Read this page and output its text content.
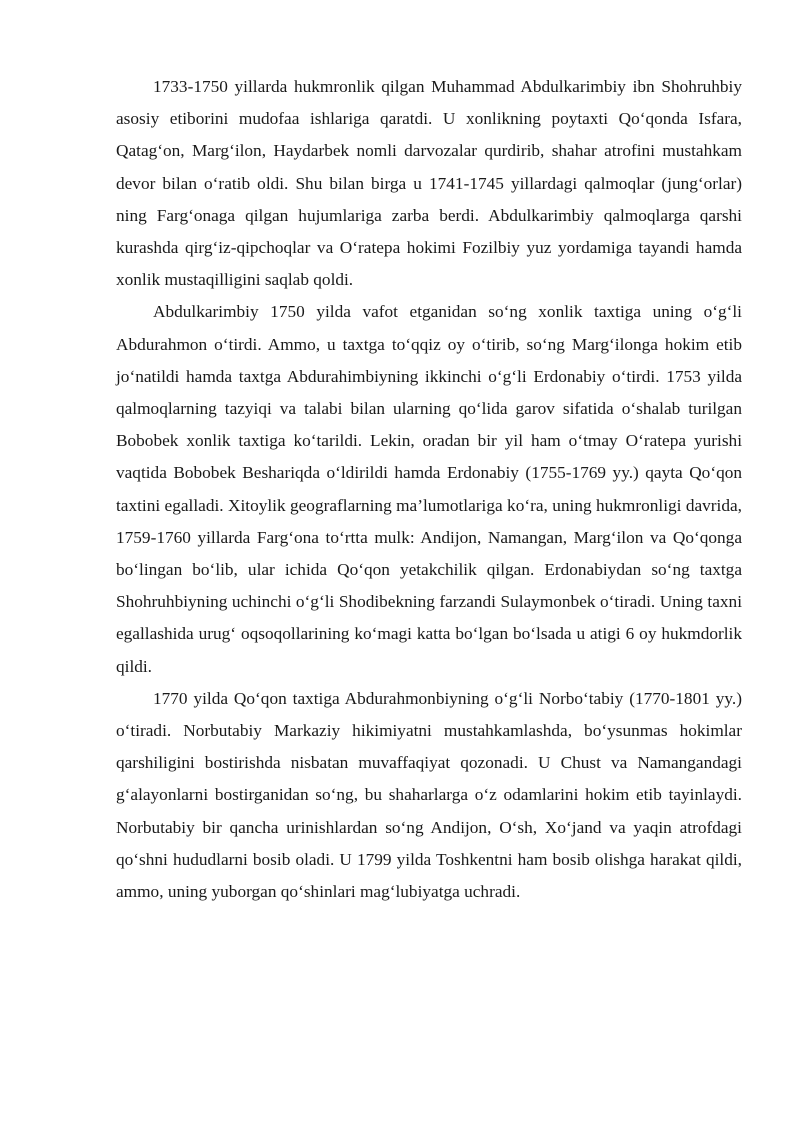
1733-1750 yillarda hukmronlik qilgan Muhammad Abdulkarimbiy ibn Shohruhbiy asosiy etiborini mudofaa ishlariga qaratdi. U xonlikning poytaxti Qo‘qonda Isfara, Qatag‘on, Marg‘ilon, Haydarbek nomli darvozalar qurdirib, shahar atrofini mustahkam devor bilan o‘ratib oldi. Shu bilan birga u 1741-1745 yillardagi qalmoqlar (jung‘orlar) ning Farg‘onaga qilgan hujumlariga zarba berdi. Abdulkarimbiy qalmoqlarga qarshi kurashda qirg‘iz-qipchoqlar va O‘ratepa hokimi Fozilbiy yuz yordamiga tayandi hamda xonlik mustaqilligini saqlab qoldi.

Abdulkarimbiy 1750 yilda vafot etganidan so‘ng xonlik taxtiga uning o‘g‘li Abdurahmon o‘tirdi. Ammo, u taxtga to‘qqiz oy o‘tirib, so‘ng Marg‘ilonga hokim etib jo‘natildi hamda taxtga Abdurahimbiyning ikkinchi o‘g‘li Erdonabiy o‘tirdi. 1753 yilda qalmoqlarning tazyiqi va talabi bilan ularning qo‘lida garov sifatida o‘shalab turilgan Bobobek xonlik taxtiga ko‘tarildi. Lekin, oradan bir yil ham o‘tmay O‘ratepa yurishi vaqtida Bobobek Beshariqda o‘ldirildi hamda Erdonabiy (1755-1769 yy.) qayta Qo‘qon taxtini egalladi. Xitoylik geograflarning ma’lumotlariga ko‘ra, uning hukmronligi davrida, 1759-1760 yillarda Farg‘ona to‘rtta mulk: Andijon, Namangan, Marg‘ilon va Qo‘qonga bo‘lingan bo‘lib, ular ichida Qo‘qon yetakchilik qilgan. Erdonabiydan so‘ng taxtga Shohruhbiyning uchinchi o‘g‘li Shodibekning farzandi Sulaymonbek o‘tiradi. Uning taxni egallashida urug‘ oqsoqollarining ko‘magi katta bo‘lgan bo‘lsada u atigi 6 oy hukmdorlik qildi.

1770 yilda Qo‘qon taxtiga Abdurahmonbiyning o‘g‘li Norbo‘tabiy (1770-1801 yy.) o‘tiradi. Norbutabiy Markaziy hikimiyatni mustahkamlashda, bo‘ysunmas hokimlar qarshiligini bostirishda nisbatan muvaffaqiyat qozonadi. U Chust va Namangandagi g‘alayonlarni bostirganidan so‘ng, bu shaharlarga o‘z odamlarini hokim etib tayinlaydi. Norbutabiy bir qancha urinishlardan so‘ng Andijon, O‘sh, Xo‘jand va yaqin atrofdagi qo‘shni hududlarni bosib oladi. U 1799 yilda Toshkentni ham bosib olishga harakat qildi, ammo, uning yuborgan qo‘shinlari mag‘lubiyatga uchradi.
